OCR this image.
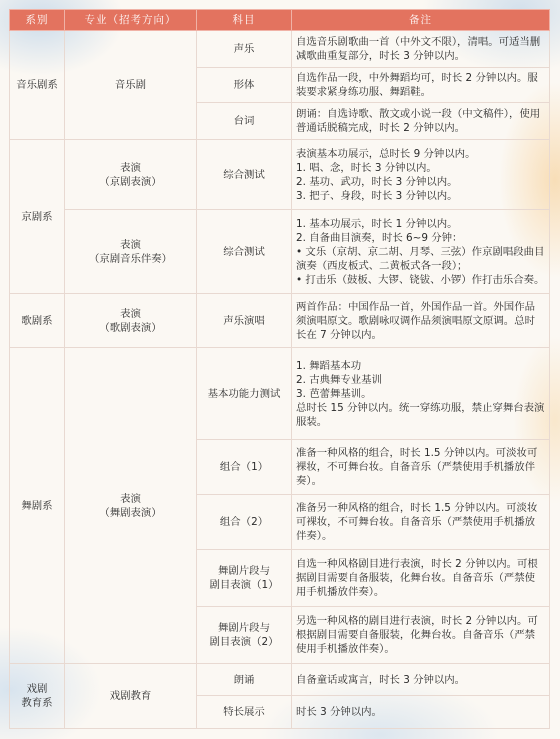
系别	专业（招考方向）	科目	备注
音乐剧系	音乐剧	声乐	自选音乐剧歌曲一首（中外文不限），清唱。可适当删减歌曲重复部分，时长 3 分钟以内。
		形体	自选作品一段，中外舞蹈均可，时长 2 分钟以内。服装要求紧身练功服、舞蹈鞋。
		台词	朗诵：自选诗歌、散文或小说一段（中文稿件），使用普通话脱稿完成，时长 2 分钟以内。
京剧系	表演
（京剧表演）	综合测试	表演基本功展示，总时长 9 分钟以内。
1. 唱、念，时长 3 分钟以内。
2. 基功、武功，时长 3 分钟以内。
3. 把子、身段，时长 3 分钟以内。

	表演
（京剧音乐伴奏）	综合测试	1. 基本功展示，时长 1 分钟以内。
2. 自备曲目演奏，时长 6~9 分钟：
• 文乐（京胡、京二胡、月琴、三弦）作京剧唱段曲目演奏（西皮板式、二黄板式各一段）；
• 打击乐（鼓板、大锣、铙钹、小锣）作打击乐合奏。

歌剧系	表演
（歌剧表演）	声乐演唱	两首作品：中国作品一首，外国作品一首。外国作品须演唱原文。歌剧咏叹调作品须演唱原文原调。总时长在 7 分钟以内。
舞剧系	表演
（舞剧表演）	基本功能力测试	1. 舞蹈基本功
2. 古典舞专业基训
3. 芭蕾舞基训。
总时长 15 分钟以内。统一穿练功服，禁止穿舞台表演服装。

		组合（1）	准备一种风格的组合，时长 1.5 分钟以内。可淡妆可裸妆，不可舞台妆。自备音乐（严禁使用手机播放伴奏）。

		组合（2）	准备另一种风格的组合，时长 1.5 分钟以内。可淡妆可裸妆，不可舞台妆。自备音乐（严禁使用手机播放伴奏）。

		舞剧片段与
剧目表演（1）	自选一种风格剧目进行表演，时长 2 分钟以内。可根据剧目需要自备服装，化舞台妆。自备音乐（严禁使用手机播放伴奏）。

		舞剧片段与
剧目表演（2）	另选一种风格的剧目进行表演，时长 2 分钟以内。可根据剧目需要自备服装，化舞台妆。自备音乐（严禁使用手机播放伴奏）。

戏剧
教育系	戏剧教育	朗诵	自备童话或寓言，时长 3 分钟以内。
		特长展示	时长 3 分钟以内。
